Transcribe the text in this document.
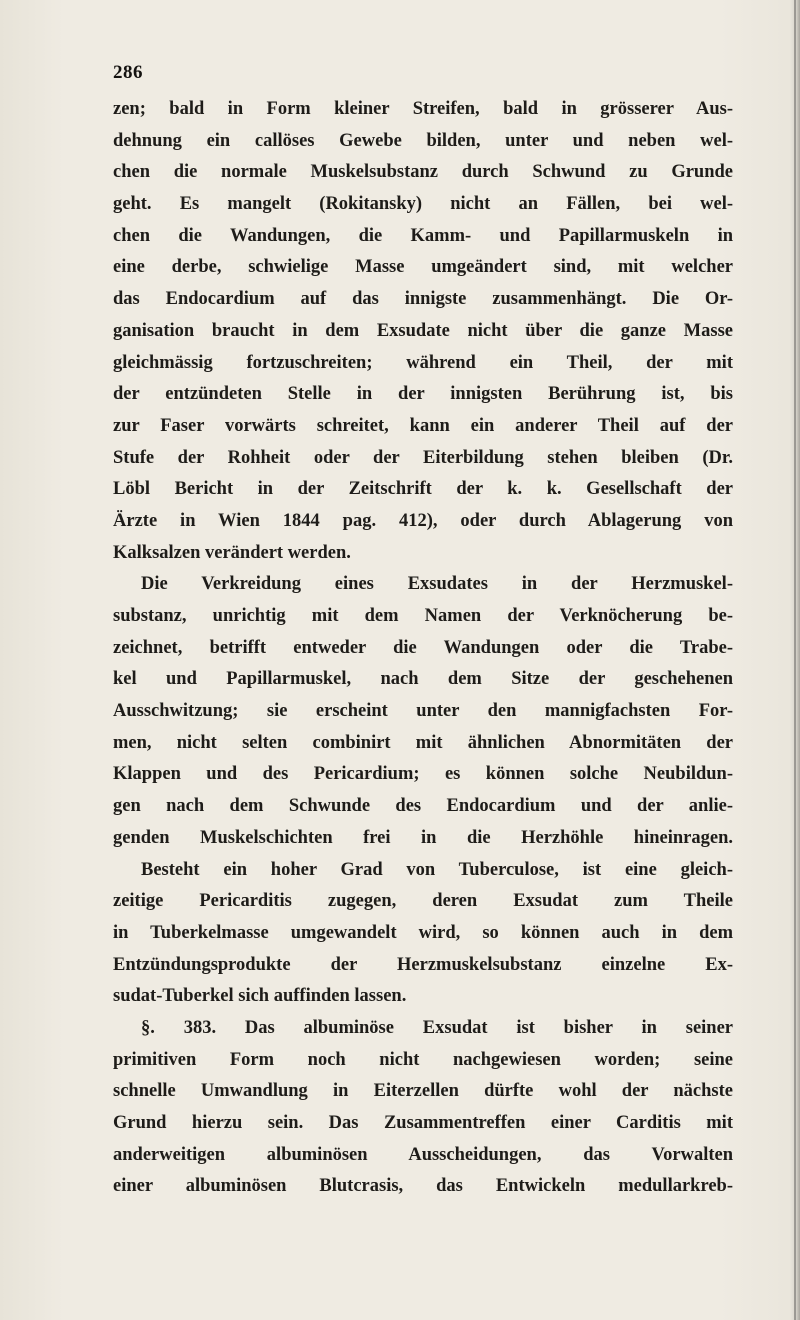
286
zen; bald in Form kleiner Streifen, bald in grösserer Aus-
dehnung ein callöses Gewebe bilden, unter und neben wel-
chen die normale Muskelsubstanz durch Schwund zu Grunde
geht. Es mangelt (Rokitansky) nicht an Fällen, bei wel-
chen die Wandungen, die Kamm- und Papillarmuskeln in
eine derbe, schwielige Masse umgeändert sind, mit welcher
das Endocardium auf das innigste zusammenhängt. Die Or-
ganisation braucht in dem Exsudate nicht über die ganze Masse
gleichmässig fortzuschreiten; während ein Theil, der mit
der entzündeten Stelle in der innigsten Berührung ist, bis
zur Faser vorwärts schreitet, kann ein anderer Theil auf der
Stufe der Rohheit oder der Eiterbildung stehen bleiben (Dr.
Löbl Bericht in der Zeitschrift der k. k. Gesellschaft der
Ärzte in Wien 1844 pag. 412), oder durch Ablagerung von
Kalksalzen verändert werden.
Die Verkreidung eines Exsudates in der Herzmuskel-
substanz, unrichtig mit dem Namen der Verknöcherung be-
zeichnet, betrifft entweder die Wandungen oder die Trabe-
kel und Papillarmuskel, nach dem Sitze der geschehenen
Ausschwitzung; sie erscheint unter den mannigfachsten For-
men, nicht selten combinirt mit ähnlichen Abnormitäten der
Klappen und des Pericardium; es können solche Neubildun-
gen nach dem Schwunde des Endocardium und der anlie-
genden Muskelschichten frei in die Herzhöhle hineinragen.
Besteht ein hoher Grad von Tuberculose, ist eine gleich-
zeitige Pericarditis zugegen, deren Exsudat zum Theile
in Tuberkelmasse umgewandelt wird, so können auch in dem
Entzündungsprodukte der Herzmuskelsubstanz einzelne Ex-
sudat-Tuberkel sich auffinden lassen.
§. 383. Das albuminöse Exsudat ist bisher in seiner
primitiven Form noch nicht nachgewiesen worden; seine
schnelle Umwandlung in Eiterzellen dürfte wohl der nächste
Grund hierzu sein. Das Zusammentreffen einer Carditis mit
anderweitigen albuminösen Ausscheidungen, das Vorwalten
einer albuminösen Blutcrasis, das Entwickeln medullarkreb-
